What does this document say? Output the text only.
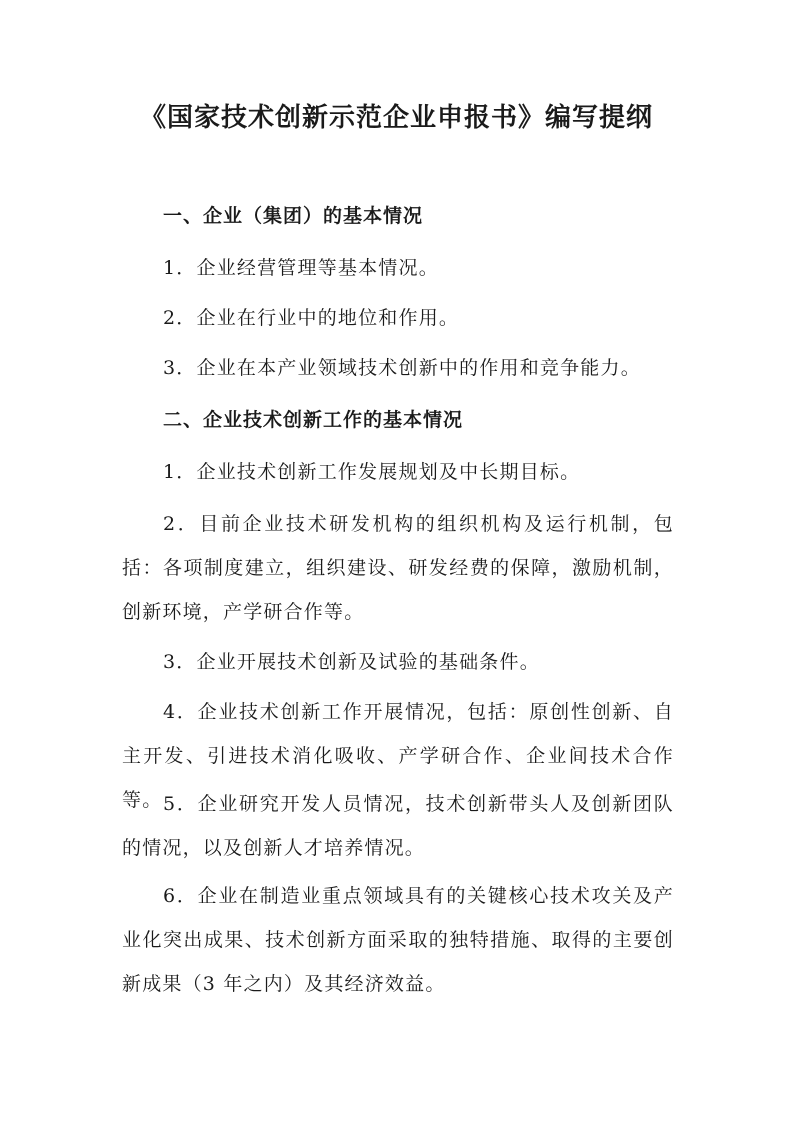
《国家技术创新示范企业申报书》编写提纲
一、企业（集团）的基本情况

1．企业经营管理等基本情况。

2．企业在行业中的地位和作用。

3．企业在本产业领域技术创新中的作用和竞争能力。

二、企业技术创新工作的基本情况

1．企业技术创新工作发展规划及中长期目标。

2．目前企业技术研发机构的组织机构及运行机制，包括：各项制度建立，组织建设、研发经费的保障，激励机制，创新环境，产学研合作等。

3．企业开展技术创新及试验的基础条件。

4．企业技术创新工作开展情况，包括：原创性创新、自主开发、引进技术消化吸收、产学研合作、企业间技术合作等。 5．企业研究开发人员情况，技术创新带头人及创新团队的情况，以及创新人才培养情况。

6．企业在制造业重点领域具有的关键核心技术攻关及产业化突出成果、技术创新方面采取的独特措施、取得的主要创新成果（3 年之内）及其经济效益。
